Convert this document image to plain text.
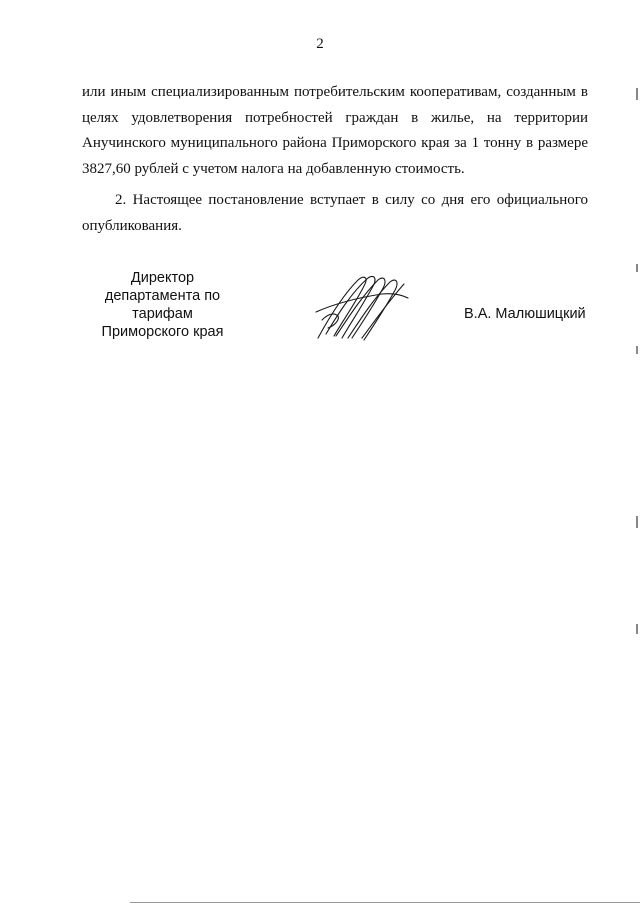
2
или иным специализированным потребительским кооперативам, созданным в
целях удовлетворения потребностей граждан в жилье, на территории
Анучинского муниципального района Приморского края за 1 тонну в размере
3827,60 рублей с учетом налога на добавленную стоимость.
2. Настоящее постановление вступает в силу со дня его официального
опубликования.
Директор
департамента по тарифам
Приморского края
В.А. Малюшицкий
